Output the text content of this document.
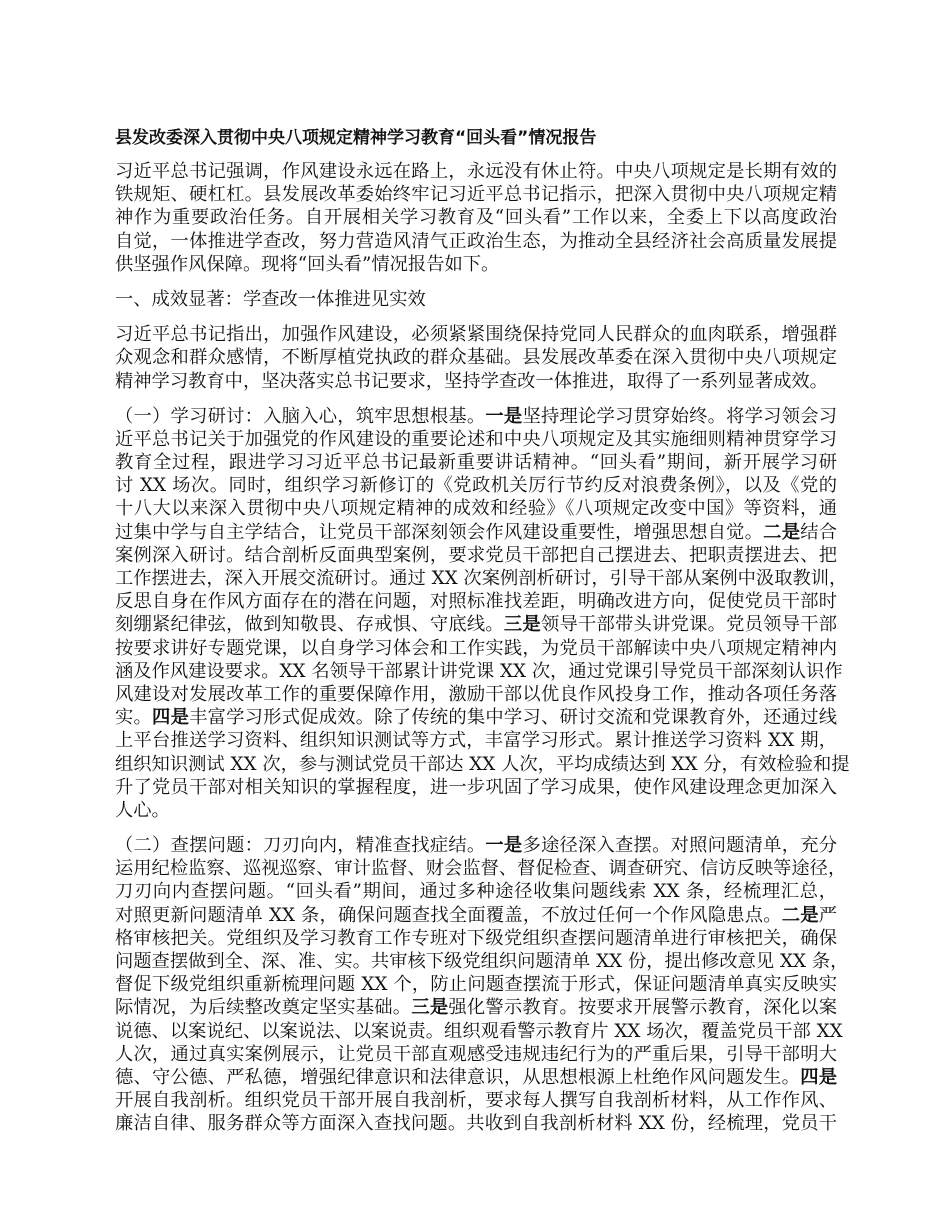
县发改委深入贯彻中央八项规定精神学习教育“回头看”情况报告
习近平总书记强调，作风建设永远在路上，永远没有休止符。中央八项规定是长期有效的
铁规矩、硬杠杠。县发展改革委始终牢记习近平总书记指示，把深入贯彻中央八项规定精
神作为重要政治任务。自开展相关学习教育及“回头看”工作以来，全委上下以高度政治
自觉，一体推进学查改，努力营造风清气正政治生态，为推动全县经济社会高质量发展提
供坚强作风保障。现将“回头看”情况报告如下。
一、成效显著：学查改一体推进见实效
习近平总书记指出，加强作风建设，必须紧紧围绕保持党同人民群众的血肉联系，增强群
众观念和群众感情，不断厚植党执政的群众基础。县发展改革委在深入贯彻中央八项规定
精神学习教育中，坚决落实总书记要求，坚持学查改一体推进，取得了一系列显著成效。
（一）学习研讨：入脑入心，筑牢思想根基。一是坚持理论学习贯穿始终。将学习领会习
近平总书记关于加强党的作风建设的重要论述和中央八项规定及其实施细则精神贯穿学习
教育全过程，跟进学习习近平总书记最新重要讲话精神。“回头看”期间，新开展学习研
讨 XX 场次。同时，组织学习新修订的《党政机关厉行节约反对浪费条例》，以及《党的
十八大以来深入贯彻中央八项规定精神的成效和经验》《八项规定改变中国》等资料，通
过集中学与自主学结合，让党员干部深刻领会作风建设重要性，增强思想自觉。二是结合
案例深入研讨。结合剖析反面典型案例，要求党员干部把自己摆进去、把职责摆进去、把
工作摆进去，深入开展交流研讨。通过 XX 次案例剖析研讨，引导干部从案例中汲取教训，
反思自身在作风方面存在的潜在问题，对照标准找差距，明确改进方向，促使党员干部时
刻绷紧纪律弦，做到知敬畏、存戒惧、守底线。三是领导干部带头讲党课。党员领导干部
按要求讲好专题党课，以自身学习体会和工作实践，为党员干部解读中央八项规定精神内
涵及作风建设要求。XX 名领导干部累计讲党课 XX 次，通过党课引导党员干部深刻认识作
风建设对发展改革工作的重要保障作用，激励干部以优良作风投身工作，推动各项任务落
实。四是丰富学习形式促成效。除了传统的集中学习、研讨交流和党课教育外，还通过线
上平台推送学习资料、组织知识测试等方式，丰富学习形式。累计推送学习资料 XX 期，
组织知识测试 XX 次，参与测试党员干部达 XX 人次，平均成绩达到 XX 分，有效检验和提
升了党员干部对相关知识的掌握程度，进一步巩固了学习成果，使作风建设理念更加深入
人心。
（二）查摆问题：刀刃向内，精准查找症结。一是多途径深入查摆。对照问题清单，充分
运用纪检监察、巡视巡察、审计监督、财会监督、督促检查、调查研究、信访反映等途径，
刀刃向内查摆问题。“回头看”期间，通过多种途径收集问题线索 XX 条，经梳理汇总，
对照更新问题清单 XX 条，确保问题查找全面覆盖，不放过任何一个作风隐患点。二是严
格审核把关。党组织及学习教育工作专班对下级党组织查摆问题清单进行审核把关，确保
问题查摆做到全、深、准、实。共审核下级党组织问题清单 XX 份，提出修改意见 XX 条，
督促下级党组织重新梳理问题 XX 个，防止问题查摆流于形式，保证问题清单真实反映实
际情况，为后续整改奠定坚实基础。三是强化警示教育。按要求开展警示教育，深化以案
说德、以案说纪、以案说法、以案说责。组织观看警示教育片 XX 场次，覆盖党员干部 XX
人次，通过真实案例展示，让党员干部直观感受违规违纪行为的严重后果，引导干部明大
德、守公德、严私德，增强纪律意识和法律意识，从思想根源上杜绝作风问题发生。四是
开展自我剖析。组织党员干部开展自我剖析，要求每人撰写自我剖析材料，从工作作风、
廉洁自律、服务群众等方面深入查找问题。共收到自我剖析材料 XX 份，经梳理，党员干
